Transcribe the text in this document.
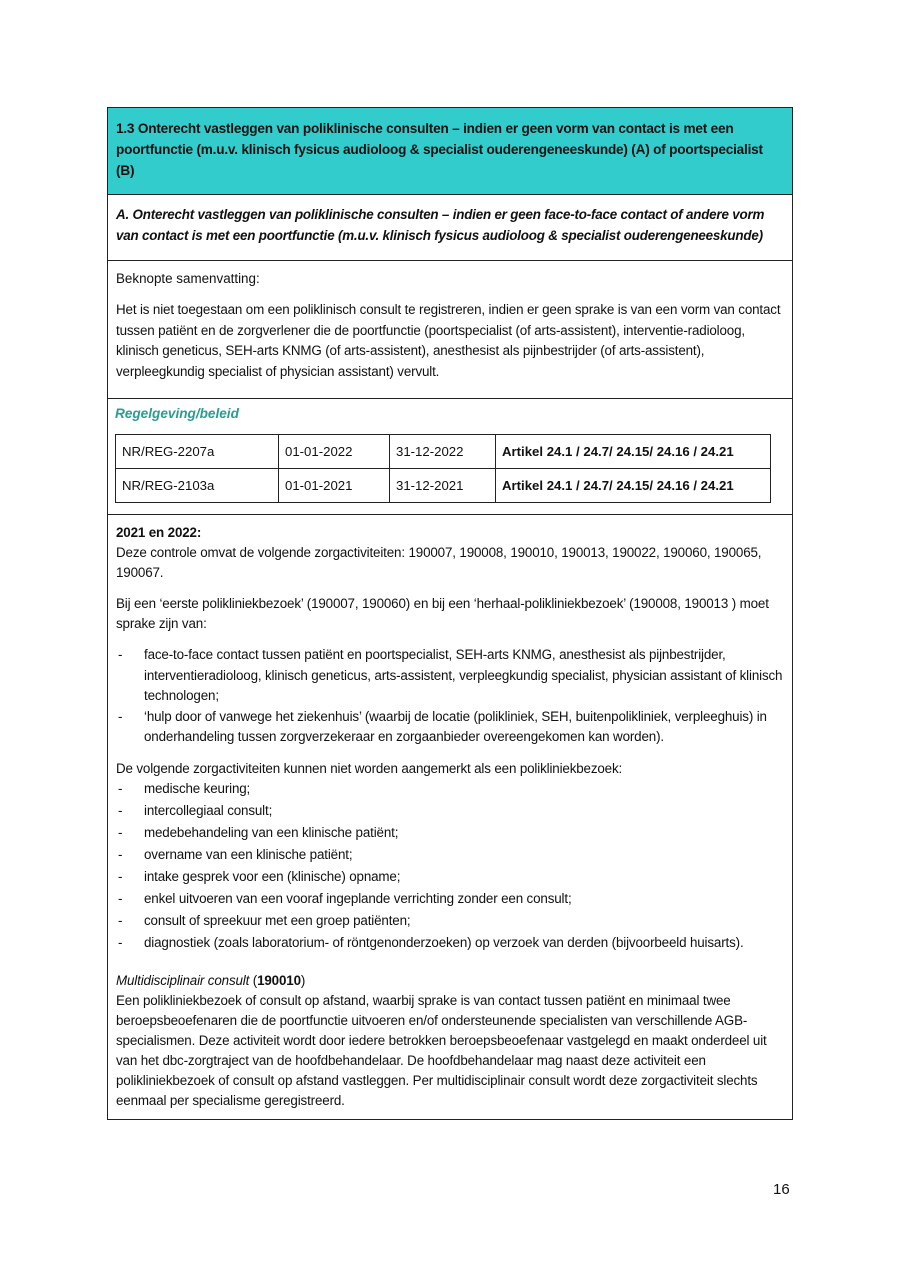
1.3 Onterecht vastleggen van poliklinische consulten – indien er geen vorm van contact is met een poortfunctie (m.u.v. klinisch fysicus audioloog & specialist ouderengeneeskunde) (A) of poortspecialist (B)
A. Onterecht vastleggen van poliklinische consulten – indien er geen face-to-face contact of andere vorm van contact is met een poortfunctie (m.u.v. klinisch fysicus audioloog & specialist ouderengeneeskunde)

Beknopte samenvatting:

Het is niet toegestaan om een poliklinisch consult te registreren, indien er geen sprake is van een vorm van contact tussen patiënt en de zorgverlener die de poortfunctie (poortspecialist (of arts-assistent), interventie-radioloog, klinisch geneticus, SEH-arts KNMG (of arts-assistent), anesthesist als pijnbestrijder (of arts-assistent), verpleegkundig specialist of physician assistant) vervult.

Regelgeving/beleid

NR/REG-2207a	01-01-2022	31-12-2022	Artikel 24.1 / 24.7/ 24.15/ 24.16 / 24.21
NR/REG-2103a	01-01-2021	31-12-2021	Artikel 24.1 / 24.7/ 24.15/ 24.16 / 24.21

2021 en 2022:

Deze controle omvat de volgende zorgactiviteiten: 190007, 190008, 190010, 190013, 190022, 190060, 190065, 190067.

Bij een ‘eerste polikliniekbezoek’ (190007, 190060) en bij een ‘herhaal-polikliniekbezoek’ (190008, 190013 ) moet sprake zijn van:

- face-to-face contact tussen patiënt en poortspecialist, SEH-arts KNMG, anesthesist als pijnbestrijder, interventieradioloog, klinisch geneticus, arts-assistent, verpleegkundig specialist, physician assistant of klinisch technologen;
- ‘hulp door of vanwege het ziekenhuis’ (waarbij de locatie (polikliniek, SEH, buitenpolikliniek, verpleeghuis) in onderhandeling tussen zorgverzekeraar en zorgaanbieder overeengekomen kan worden).

De volgende zorgactiviteiten kunnen niet worden aangemerkt als een polikliniekbezoek:

- medische keuring;
- intercollegiaal consult;
- medebehandeling van een klinische patiënt;
- overname van een klinische patiënt;
- intake gesprek voor een (klinische) opname;
- enkel uitvoeren van een vooraf ingeplande verrichting zonder een consult;
- consult of spreekuur met een groep patiënten;
- diagnostiek (zoals laboratorium- of röntgenonderzoeken) op verzoek van derden (bijvoorbeeld huisarts).

Multidisciplinair consult (190010)

Een polikliniekbezoek of consult op afstand, waarbij sprake is van contact tussen patiënt en minimaal twee beroepsbeoefenaren die de poortfunctie uitvoeren en/of ondersteunende specialisten van verschillende AGB-specialismen. Deze activiteit wordt door iedere betrokken beroepsbeoefenaar vastgelegd en maakt onderdeel uit van het dbc-zorgtraject van de hoofdbehandelaar. De hoofdbehandelaar mag naast deze activiteit een polikliniekbezoek of consult op afstand vastleggen. Per multidisciplinair consult wordt deze zorgactiviteit slechts eenmaal per specialisme geregistreerd.

16
